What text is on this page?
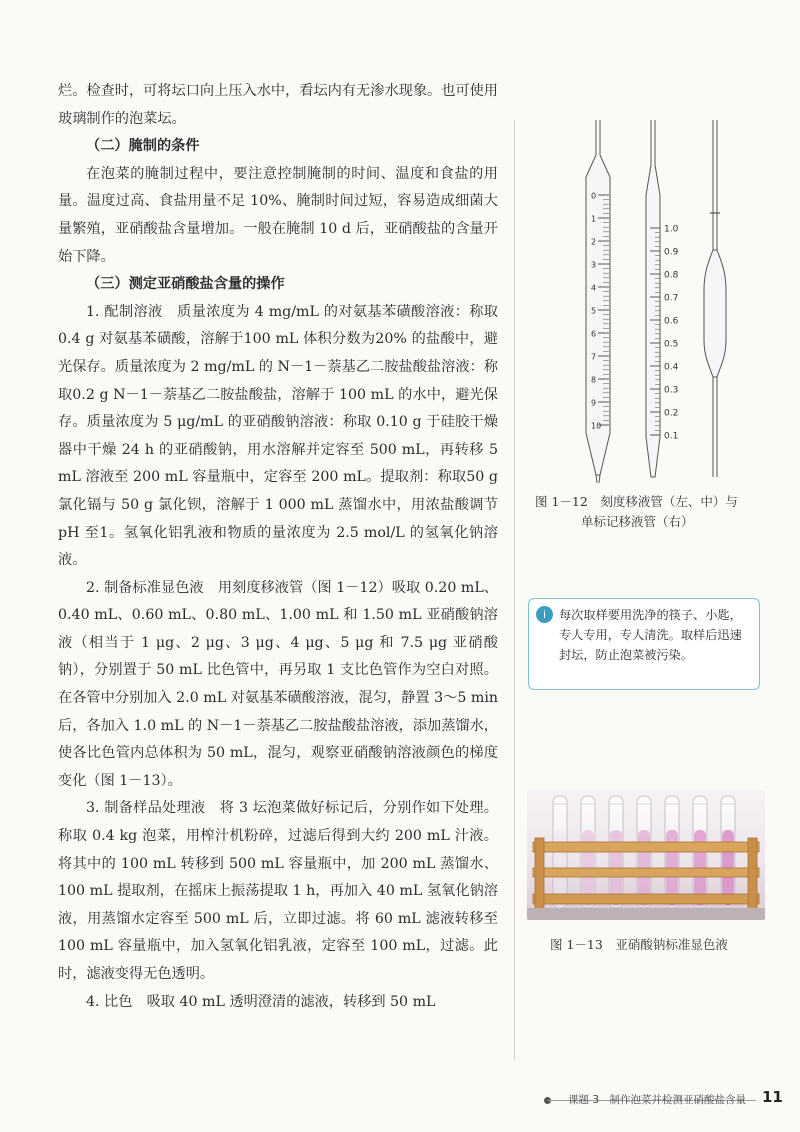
烂。检查时，可将坛口向上压入水中，看坛内有无渗水现象。也可使用玻璃制作的泡菜坛。

（二）腌制的条件

在泡菜的腌制过程中，要注意控制腌制的时间、温度和食盐的用量。温度过高、食盐用量不足 10%、腌制时间过短，容易造成细菌大量繁殖，亚硝酸盐含量增加。一般在腌制 10 d 后，亚硝酸盐的含量开始下降。

（三）测定亚硝酸盐含量的操作

1. 配制溶液　质量浓度为 4 mg/mL 的对氨基苯磺酸溶液：称取0.4 g 对氨基苯磺酸，溶解于100 mL 体积分数为20% 的盐酸中，避光保存。质量浓度为 2 mg/mL 的 N－1－萘基乙二胺盐酸盐溶液：称取0.2 g N－1－萘基乙二胺盐酸盐，溶解于 100 mL 的水中，避光保存。质量浓度为 5 μg/mL 的亚硝酸钠溶液：称取 0.10 g 于硅胶干燥器中干燥 24 h 的亚硝酸钠，用水溶解并定容至 500 mL，再转移 5 mL 溶液至 200 mL 容量瓶中，定容至 200 mL。提取剂：称取50 g 氯化镉与 50 g 氯化钡，溶解于 1 000 mL 蒸馏水中，用浓盐酸调节pH 至1。氢氧化铝乳液和物质的量浓度为 2.5 mol/L 的氢氧化钠溶液。

2. 制备标准显色液　用刻度移液管（图 1－12）吸取 0.20 mL、0.40 mL、0.60 mL、0.80 mL、1.00 mL 和 1.50 mL 亚硝酸钠溶液（相当于 1 μg、2 μg、3 μg、4 μg、5 μg 和 7.5 μg 亚硝酸钠），分别置于 50 mL 比色管中，再另取 1 支比色管作为空白对照。在各管中分别加入 2.0 mL 对氨基苯磺酸溶液，混匀，静置 3～5 min 后，各加入 1.0 mL 的 N－1－萘基乙二胺盐酸盐溶液，添加蒸馏水，使各比色管内总体积为 50 mL，混匀，观察亚硝酸钠溶液颜色的梯度变化（图 1－13）。

3. 制备样品处理液　将 3 坛泡菜做好标记后，分别作如下处理。称取 0.4 kg 泡菜，用榨汁机粉碎，过滤后得到大约 200 mL 汁液。将其中的 100 mL 转移到 500 mL 容量瓶中，加 200 mL 蒸馏水、100 mL 提取剂，在摇床上振荡提取 1 h，再加入 40 mL 氢氧化钠溶液，用蒸馏水定容至 500 mL 后，立即过滤。将 60 mL 滤液转移至 100 mL 容量瓶中，加入氢氧化铝乳液，定容至 100 mL，过滤。此时，滤液变得无色透明。

4. 比色　吸取 40 mL 透明澄清的滤液，转移到 50 mL

0
1
2
3
4
5
6
7
8
9
10
1.0
0.9
0.8
0.7
0.6
0.5
0.4
0.3
0.2
0.1
图 1－12　刻度移液管（左、中）与
单标记移液管（右）
i	每次取样要用洗净的筷子、小匙，专人专用，专人清洗。取样后迅速封坛，防止泡菜被污染。
图 1－13　亚硝酸钠标准显色液
课题 3　制作泡菜并检测亚硝酸盐含量 11
